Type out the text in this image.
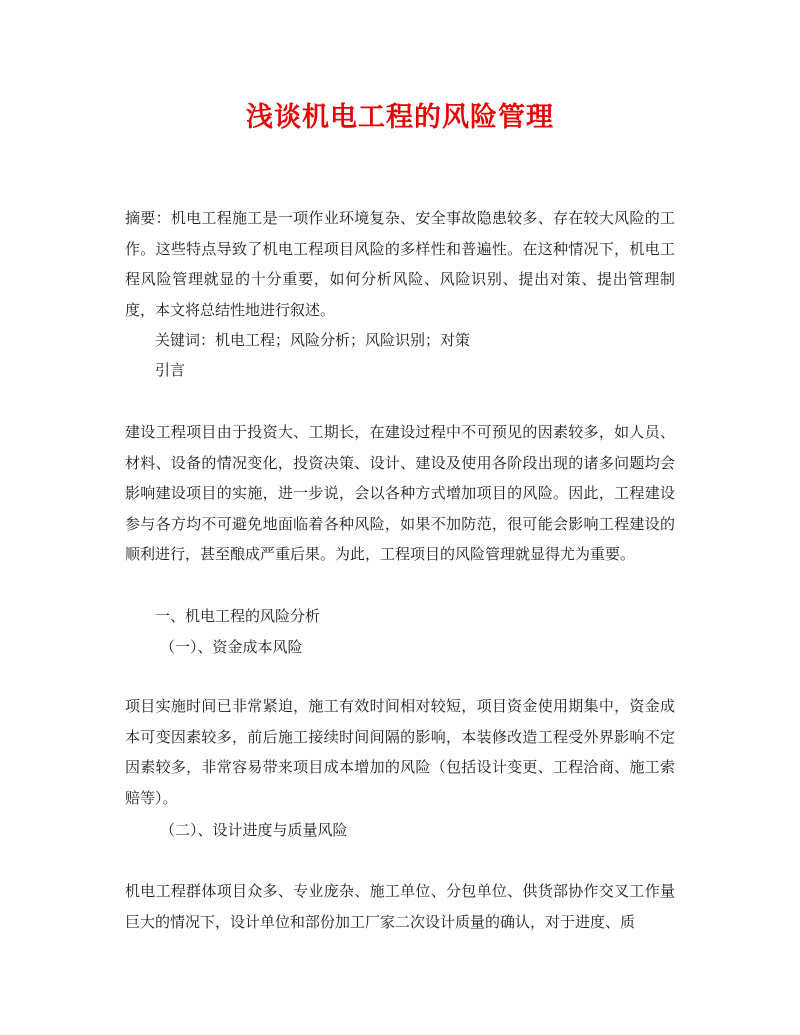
浅谈机电工程的风险管理
摘要：机电工程施工是一项作业环境复杂、安全事故隐患较多、存在较大风险的工作。这些特点导致了机电工程项目风险的多样性和普遍性。在这种情况下，机电工程风险管理就显的十分重要，如何分析风险、风险识别、提出对策、提出管理制度，本文将总结性地进行叙述。
关键词：机电工程；风险分析；风险识别；对策
引言
建设工程项目由于投资大、工期长，在建设过程中不可预见的因素较多，如人员、材料、设备的情况变化，投资决策、设计、建设及使用各阶段出现的诸多问题均会影响建设项目的实施，进一步说，会以各种方式增加项目的风险。因此，工程建设参与各方均不可避免地面临着各种风险，如果不加防范，很可能会影响工程建设的顺利进行，甚至酿成严重后果。为此，工程项目的风险管理就显得尤为重要。
一、机电工程的风险分析
（一）、资金成本风险
项目实施时间已非常紧迫，施工有效时间相对较短，项目资金使用期集中，资金成本可变因素较多，前后施工接续时间间隔的影响，本装修改造工程受外界影响不定因素较多，非常容易带来项目成本增加的风险（包括设计变更、工程洽商、施工索赔等）。
（二）、设计进度与质量风险
机电工程群体项目众多、专业庞杂、施工单位、分包单位、供货部协作交叉工作量巨大的情况下，设计单位和部份加工厂家二次设计质量的确认，对于进度、质
